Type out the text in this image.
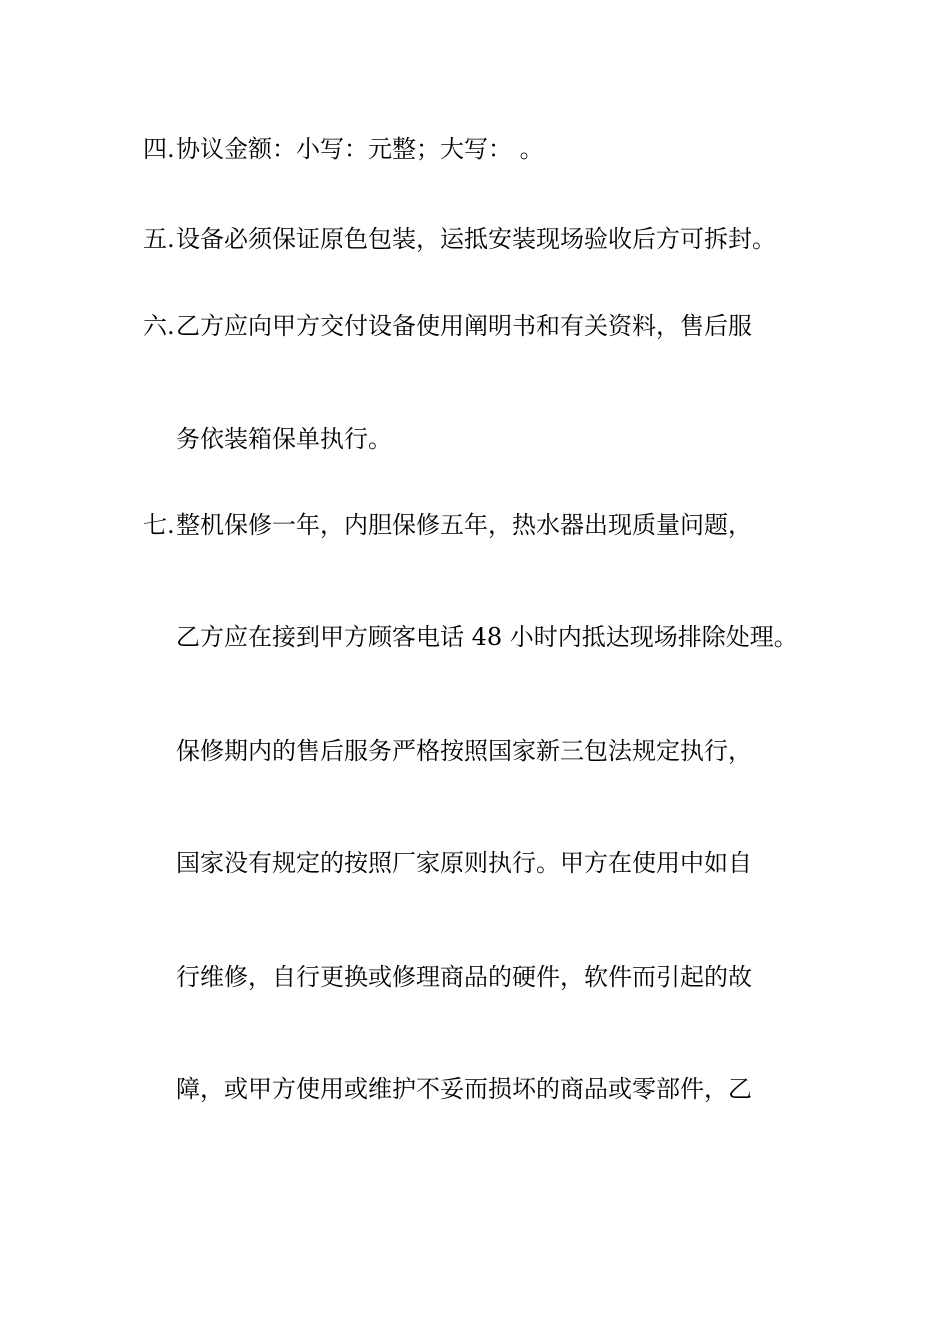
四. 协议金额：小写：元整；大写： 。
五. 设备必须保证原色包装，运抵安装现场验收后方可拆封。
六. 乙方应向甲方交付设备使用阐明书和有关资料，售后服
务依装箱保单执行。
七. 整机保修一年，内胆保修五年，热水器出现质量问题，
乙方应在接到甲方顾客电话 48 小时内抵达现场排除处理。
保修期内的售后服务严格按照国家新三包法规定执行，
国家没有规定的按照厂家原则执行。甲方在使用中如自
行维修，自行更换或修理商品的硬件，软件而引起的故
障，或甲方使用或维护不妥而损坏的商品或零部件，乙
